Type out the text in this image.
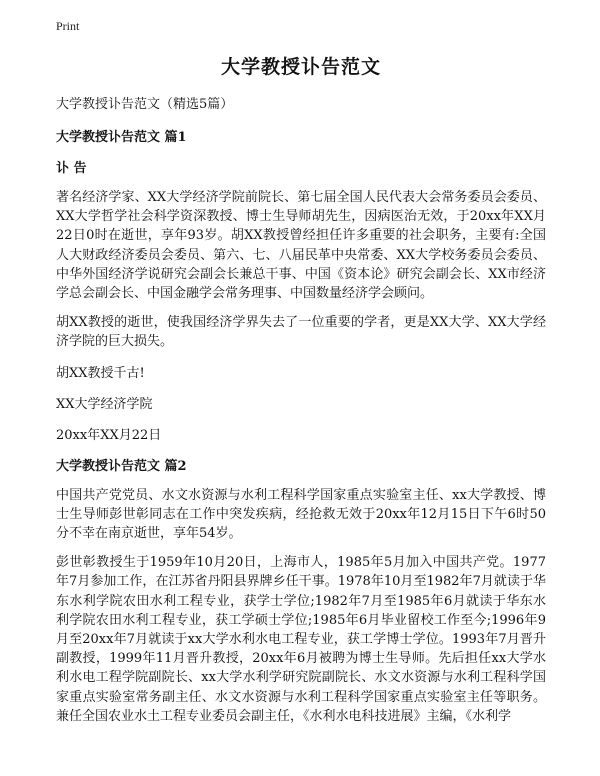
Print
大学教授讣告范文
大学教授讣告范文（精选5篇）
大学教授讣告范文 篇1
讣 告

著名经济学家、XX大学经济学院前院长、第七届全国人民代表大会常务委员会委员、XX大学哲学社会科学资深教授、博士生导师胡先生，因病医治无效，于20xx年XX月22日0时在逝世，享年93岁。胡XX教授曾经担任许多重要的社会职务，主要有:全国人大财政经济委员会委员、第六、七、八届民革中央常委、XX大学校务委员会委员、中华外国经济学说研究会副会长兼总干事、中国《资本论》研究会副会长、XX市经济学总会副会长、中国金融学会常务理事、中国数量经济学会顾问。

胡XX教授的逝世，使我国经济学界失去了一位重要的学者，更是XX大学、XX大学经济学院的巨大损失。

胡XX教授千古!
XX大学经济学院
20xx年XX月22日
大学教授讣告范文 篇2

中国共产党党员、水文水资源与水利工程科学国家重点实验室主任、xx大学教授、博士生导师彭世彰同志在工作中突发疾病，经抢救无效于20xx年12月15日下午6时50分不幸在南京逝世，享年54岁。

彭世彰教授生于1959年10月20日，上海市人，1985年5月加入中国共产党。1977年7月参加工作，在江苏省丹阳县界牌乡任干事。1978年10月至1982年7月就读于华东水利学院农田水利工程专业，获学士学位;1982年7月至1985年6月就读于华东水利学院农田水利工程专业，获工学硕士学位;1985年6月毕业留校工作至今;1996年9月至20xx年7月就读于xx大学水利水电工程专业，获工学博士学位。1993年7月晋升副教授，1999年11月晋升教授，20xx年6月被聘为博士生导师。先后担任xx大学水利水电工程学院副院长、xx大学水利学研究院副院长、水文水资源与水利工程科学国家重点实验室常务副主任、水文水资源与水利工程科学国家重点实验室主任等职务。兼任全国农业水土工程专业委员会副主任，《水利水电科技进展》主编，《水利学
